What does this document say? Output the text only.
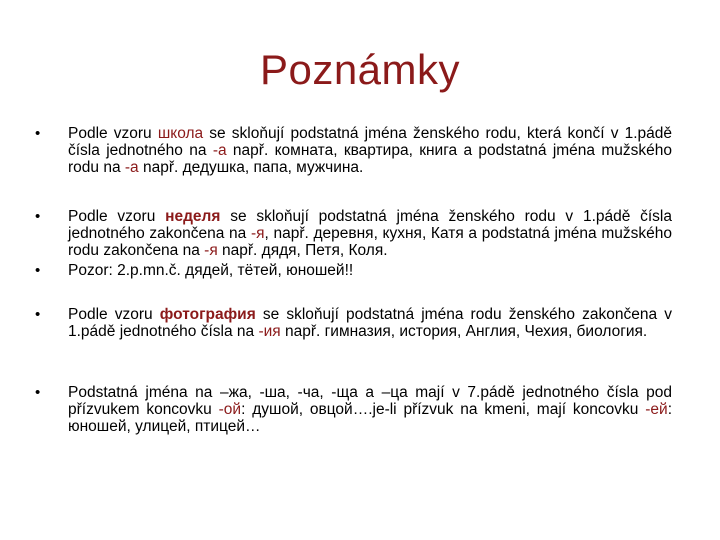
Poznámky
• Podle vzoru школа se skloňují podstatná jména ženského rodu, která končí v 1.pádě čísla jednotného na -а např. комната, квартира, книга a podstatná jména mužského rodu na -а např. дедушка, папа, мужчина.
• Podle vzoru неделя se skloňují podstatná jména ženského rodu v 1.pádě čísla jednotného zakončena na -я, např. деревня, кухня, Катя a podstatná jména mužského rodu zakončena na -я např. дядя, Петя, Коля.
• Pozor: 2.p.mn.č. дядей, тётей, юношей!!
• Podle vzoru фотография se skloňují podstatná jména rodu ženského zakončena v 1.pádě jednotného čísla na -ия např. гимназия, история, Англия, Чехия, биология.
• Podstatná jména na –жа, -ша, -ча, -ща a –ца mají v 7.pádě jednotného čísla pod přízvukem koncovku -ой: душой, овцой….je-li přízvuk na kmeni, mají koncovku -ей: юношей, улицей, птицей…
